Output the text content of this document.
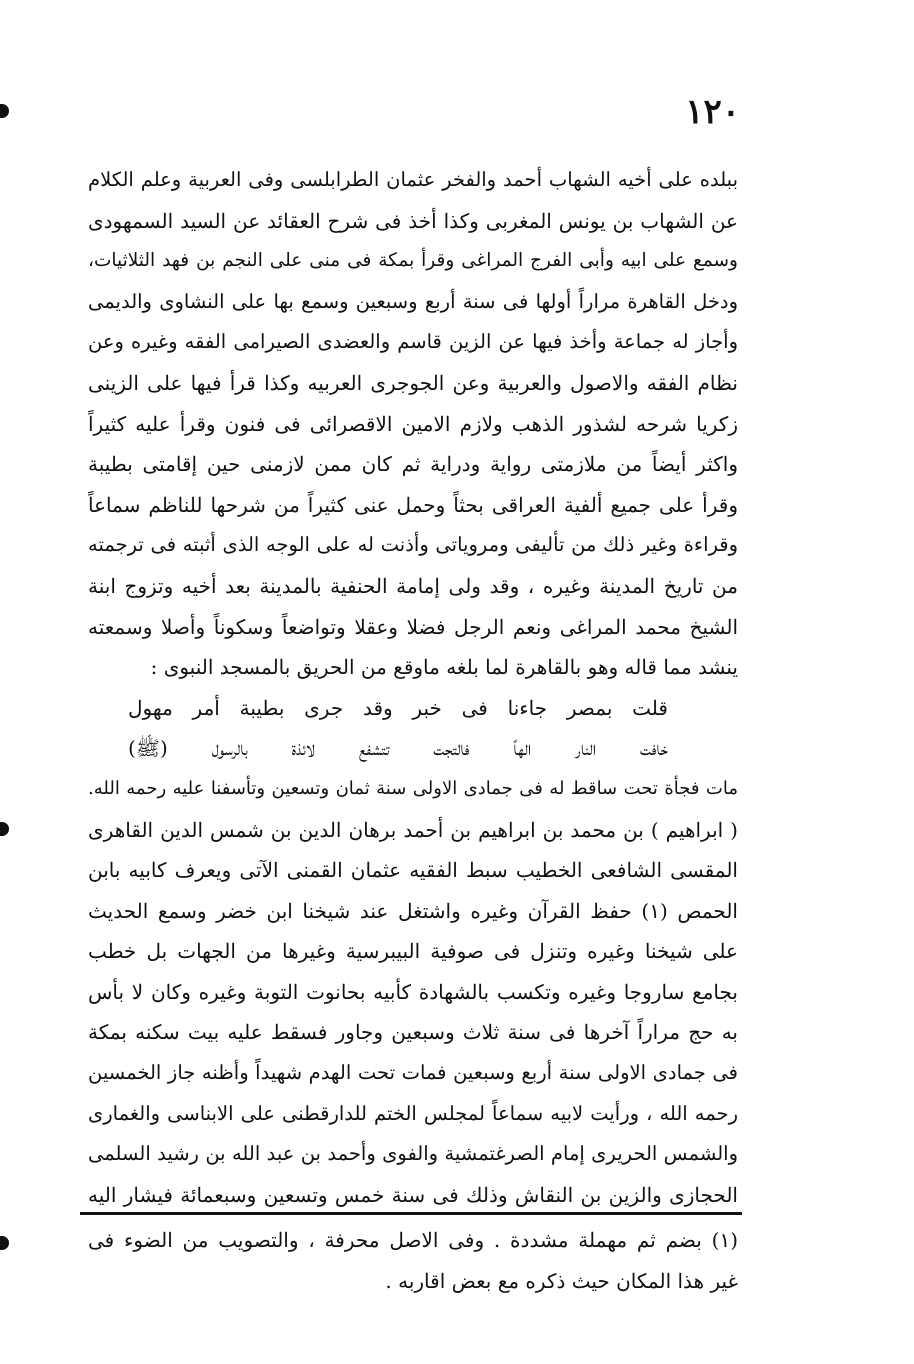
١٢٠
ببلده على أخيه الشهاب أحمد والفخر عثمان الطرابلسى وفى العربية وعلم الكلام
عن الشهاب بن يونس المغربى وكذا أخذ فى شرح العقائد عن السيد السمهودى
وسمع على ابيه وأبى الفرج المراغى وقرأ بمكة فى منى على النجم بن فهد الثلاثيات،
ودخل القاهرة مراراً أولها فى سنة أربع وسبعين وسمع بها على النشاوى والديمى
وأجاز له جماعة وأخذ فيها عن الزين قاسم والعضدى الصيرامى الفقه وغيره وعن
نظام الفقه والاصول والعربية وعن الجوجرى العربيه وكذا قرأ فيها على الزينى
زكريا شرحه لشذور الذهب ولازم الامين الاقصرائى فى فنون وقرأ عليه كثيراً
واكثر أيضاً من ملازمتى رواية ودراية ثم كان ممن لازمنى حين إقامتى بطيبة
وقرأ على جميع ألفية العراقى بحثاً وحمل عنى كثيراً من شرحها للناظم سماعاً
وقراءة وغير ذلك من تأليفى ومروياتى وأذنت له على الوجه الذى أثبته فى ترجمته
من تاريخ المدينة وغيره ، وقد ولى إمامة الحنفية بالمدينة بعد أخيه وتزوج ابنة
الشيخ محمد المراغى ونعم الرجل فضلا وعقلا وتواضعاً وسكوناً وأصلا وسمعته
ينشد مما قاله وهو بالقاهرة لما بلغه ماوقع من الحريق بالمسجد النبوى :
قلت بمصر جاءنا فى خبر وقد جرى بطيبة أمر مهول
خافت النار الهاً فالتجت تتشفع لائذة بالرسول (ﷺ)
مات فجأة تحت ساقط له فى جمادى الاولى سنة ثمان وتسعين وتأسفنا عليه رحمه الله.
( ابراهيم ) بن محمد بن ابراهيم بن أحمد برهان الدين بن شمس الدين القاهرى
المقسى الشافعى الخطيب سبط الفقيه عثمان القمنى الآتى ويعرف كابيه بابن
الحمص (١) حفظ القرآن وغيره واشتغل عند شيخنا ابن خضر وسمع الحديث
على شيخنا وغيره وتنزل فى صوفية البيبرسية وغيرها من الجهات بل خطب
بجامع ساروجا وغيره وتكسب بالشهادة كأبيه بحانوت التوبة وغيره وكان لا بأس
به حج مراراً آخرها فى سنة ثلاث وسبعين وجاور فسقط عليه بيت سكنه بمكة
فى جمادى الاولى سنة أربع وسبعين فمات تحت الهدم شهيداً وأظنه جاز الخمسين
رحمه الله ، ورأيت لابيه سماعاً لمجلس الختم للدارقطنى على الابناسى والغمارى
والشمس الحريرى إمام الصرغتمشية والفوى وأحمد بن عبد الله بن رشيد السلمى
الحجازى والزين بن النقاش وذلك فى سنة خمس وتسعين وسبعمائة فيشار اليه
(١) بضم ثم مهملة مشددة . وفى الاصل محرفة ، والتصويب من الضوء فى
غير هذا المكان حيث ذكره مع بعض اقاربه .
